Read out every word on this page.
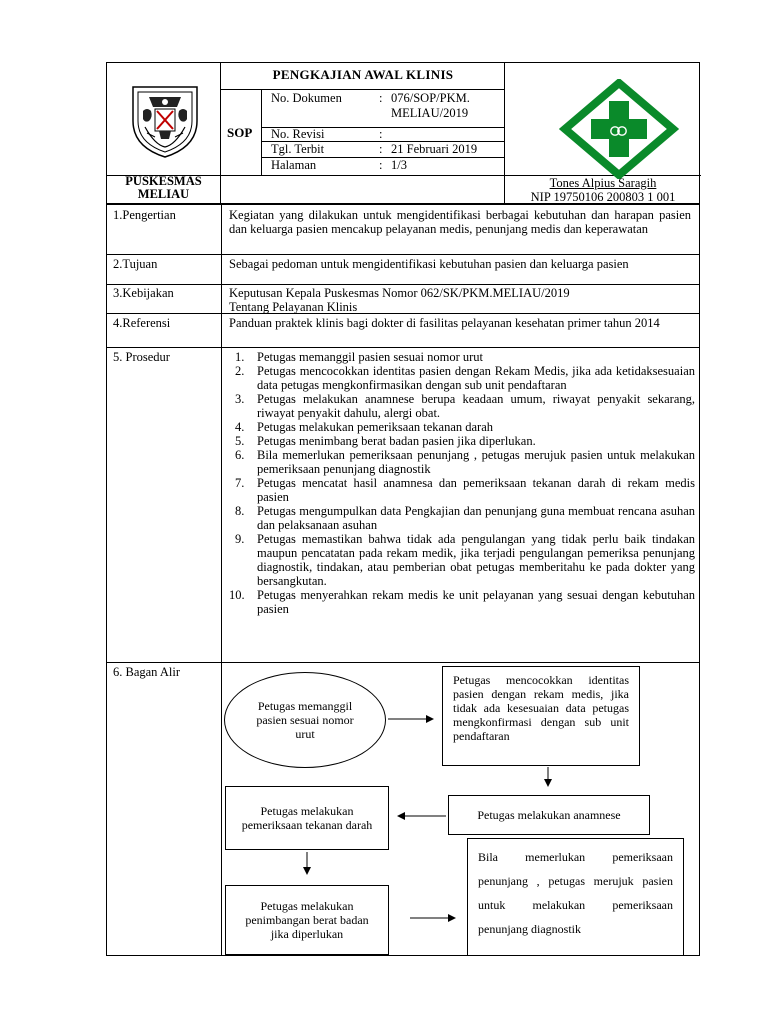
PENGKAJIAN AWAL KLINIS
SOP
No. Dokumen	: 076/SOP/PKM.
MELIAU/2019
No. Revisi	:
Tgl. Terbit	: 21 Februari 2019
Halaman	: 1/3
PUSKESMAS
MELIAU
Tones Alpius Saragih
NIP 19750106 200803 1 001
1.Pengertian	Kegiatan yang dilakukan untuk mengidentifikasi berbagai kebutuhan dan harapan pasien dan keluarga pasien mencakup pelayanan medis, penunjang medis dan keperawatan
2.Tujuan	Sebagai pedoman untuk mengidentifikasi kebutuhan pasien dan keluarga pasien
3.Kebijakan	Keputusan Kepala Puskesmas Nomor 062/SK/PKM.MELIAU/2019
Tentang Pelayanan Klinis
4.Referensi	Panduan praktek klinis bagi dokter di fasilitas pelayanan kesehatan primer tahun 2014
5. Prosedur	1. Petugas memanggil pasien sesuai nomor urut
2. Petugas mencocokkan identitas pasien dengan Rekam Medis, jika ada ketidaksesuaian data petugas mengkonfirmasikan dengan sub unit pendaftaran
3. Petugas melakukan anamnese berupa keadaan umum, riwayat penyakit sekarang, riwayat penyakit dahulu, alergi obat.
4. Petugas melakukan pemeriksaan tekanan darah
5. Petugas menimbang berat badan pasien jika diperlukan.
6. Bila memerlukan pemeriksaan penunjang , petugas merujuk pasien untuk melakukan pemeriksaan penunjang diagnostik
7. Petugas mencatat hasil anamnesa dan pemeriksaan tekanan darah di rekam medis pasien
8. Petugas mengumpulkan data Pengkajian dan penunjang guna membuat rencana asuhan dan pelaksanaan asuhan
9. Petugas memastikan bahwa tidak ada pengulangan yang tidak perlu baik tindakan maupun pencatatan pada rekam medik, jika terjadi pengulangan pemeriksa penunjang diagnostik, tindakan, atau pemberian obat petugas memberitahu ke pada dokter yang bersangkutan.
10. Petugas menyerahkan rekam medis ke unit pelayanan yang sesuai dengan kebutuhan pasien
6. Bagan Alir
Petugas memanggil pasien sesuai nomor urut
Petugas mencocokkan identitas pasien dengan rekam medis, jika tidak ada kesesuaian data petugas mengkonfirmasi dengan sub unit pendaftaran
Petugas melakukan anamnese
Petugas melakukan pemeriksaan tekanan darah
Petugas melakukan penimbangan berat badan jika diperlukan
Bila memerlukan pemeriksaan penunjang , petugas merujuk pasien untuk melakukan pemeriksaan penunjang diagnostik
